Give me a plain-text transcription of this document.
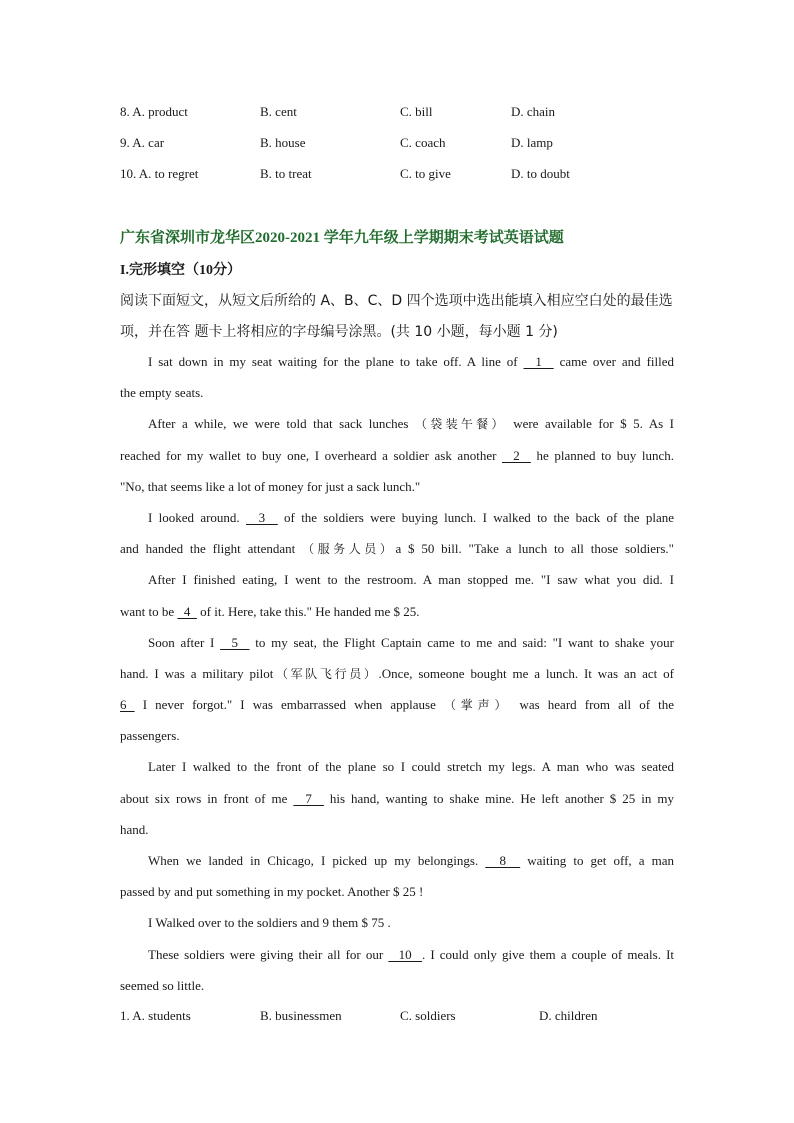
8. A. product	B. cent	C. bill	D. chain
9. A. car	B. house	C. coach	D. lamp
10. A. to regret	B. to treat	C. to give	D. to doubt
广东省深圳市龙华区2020-2021 学年九年级上学期期末考试英语试题
I.完形填空（10分）
阅读下面短文，从短文后所给的 A、B、C、D 四个选项中选出能填入相应空白处的最佳选
项，并在答 题卡上将相应的字母编号涂黑。(共 10 小题，每小题 1 分)
I sat down in my seat waiting for the plane to take off. A line of   1   came over and filled
the empty seats.
After a while, we were told that sack lunches （袋装午餐） were available for $ 5. As I
reached for my wallet to buy one, I overheard a soldier ask another   2   he planned to buy lunch.
"No, that seems like a lot of money for just a sack lunch."
I looked around.   3   of the soldiers were buying lunch. I walked to the back of the plane
and handed the flight attendant （服务人员）a $ 50 bill. "Take a lunch to all those soldiers."
After I finished eating, I went to the restroom. A man stopped me. "I saw what you did. I
want to be   4   of it. Here, take this." He handed me $ 25.
Soon after I   5   to my seat, the Flight Captain came to me and said: "I want to shake your
hand. I was a military pilot（军队飞行员）.Once, someone bought me a lunch. It was an act of
6  I never forgot." I was embarrassed when applause （掌声） was heard from all of the
passengers.
Later I walked to the front of the plane so I could stretch my legs. A man who was seated
about six rows in front of me   7   his hand, wanting to shake mine. He left another $ 25 in my
hand.
When we landed in Chicago, I picked up my belongings.   8   waiting to get off, a man
passed by and put something in my pocket. Another $ 25 !
I Walked over to the soldiers and 9 them $ 75 .
These soldiers were giving their all for our   10  . I could only give them a couple of meals. It
seemed so little.
1. A. students	B. businessmen	C. soldiers	D. children
